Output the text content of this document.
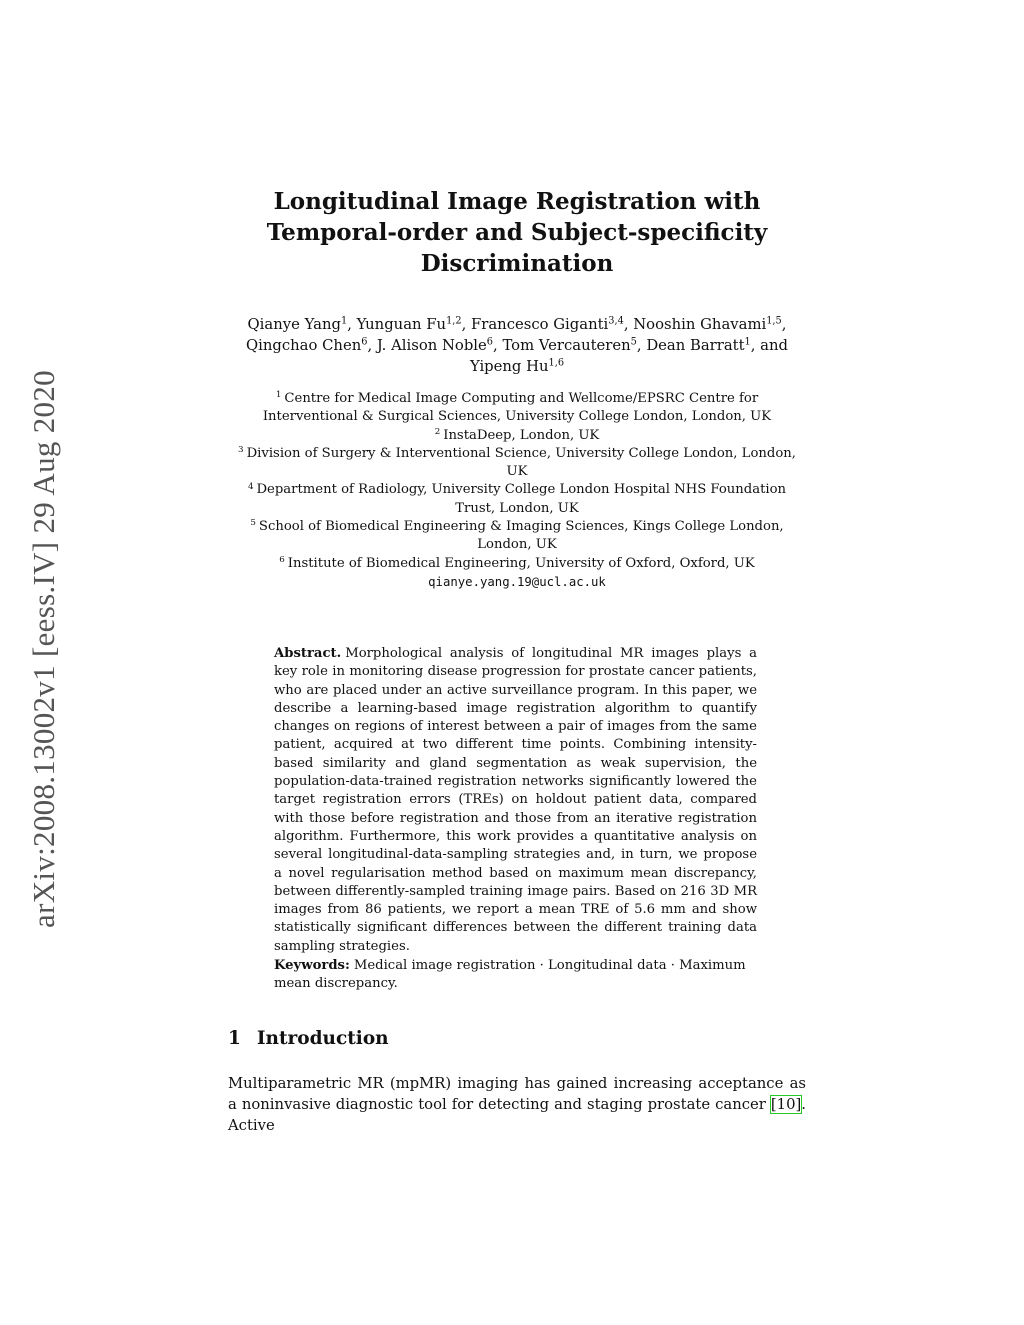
arXiv:2008.13002v1 [eess.IV] 29 Aug 2020
Longitudinal Image Registration with
Temporal-order and Subject-specificity
Discrimination
Qianye Yang$^1$, Yunguan Fu$^{1,2}$, Francesco Giganti$^{3,4}$, Nooshin Ghavami$^{1,5}$,
Qingchao Chen$^6$, J. Alison Noble$^6$, Tom Vercauteren$^5$, Dean Barratt$^1$, and
Yipeng Hu$^{1,6}$
$^1$ Centre for Medical Image Computing and Wellcome/EPSRC Centre for
Interventional & Surgical Sciences, University College London, London, UK
$^2$ InstaDeep, London, UK
$^3$ Division of Surgery & Interventional Science, University College London, London,
UK
$^4$ Department of Radiology, University College London Hospital NHS Foundation
Trust, London, UK
$^5$ School of Biomedical Engineering & Imaging Sciences, Kings College London,
London, UK
$^6$ Institute of Biomedical Engineering, University of Oxford, Oxford, UK
qianye.yang.19@ucl.ac.uk
Abstract. Morphological analysis of longitudinal MR images plays a key role in monitoring disease progression for prostate cancer patients, who are placed under an active surveillance program. In this paper, we describe a learning-based image registration algorithm to quantify changes on regions of interest between a pair of images from the same patient, acquired at two different time points. Combining intensity-based similarity and gland segmentation as weak supervision, the population-data-trained registration networks significantly lowered the target registration errors (TREs) on holdout patient data, compared with those before registration and those from an iterative registration algorithm. Furthermore, this work provides a quantitative analysis on several longitudinal-data-sampling strategies and, in turn, we propose a novel regularisation method based on maximum mean discrepancy, between differently-sampled training image pairs. Based on 216 3D MR images from 86 patients, we report a mean TRE of 5.6 mm and show statistically significant differences between the different training data sampling strategies.
Keywords: Medical image registration · Longitudinal data · Maximum mean discrepancy.
1 Introduction
Multiparametric MR (mpMR) imaging has gained increasing acceptance as a noninvasive diagnostic tool for detecting and staging prostate cancer [10]. Active
